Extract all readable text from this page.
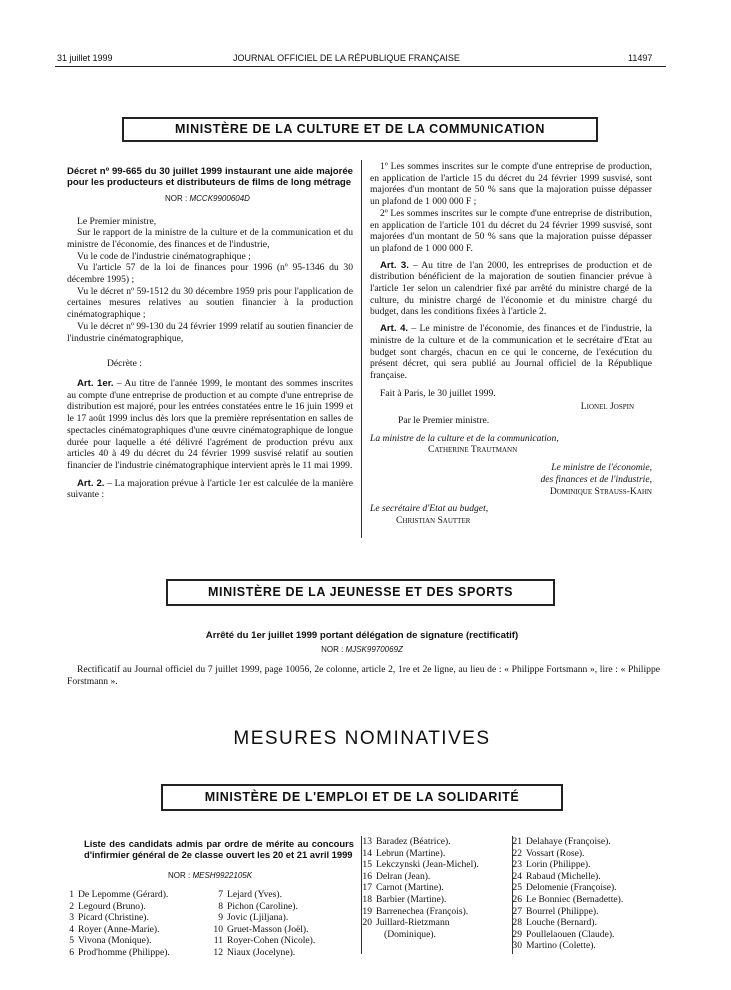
31 juillet 1999	JOURNAL OFFICIEL DE LA RÉPUBLIQUE FRANÇAISE	11497
MINISTÈRE DE LA CULTURE ET DE LA COMMUNICATION

Décret nº 99-665 du 30 juillet 1999 instaurant une aide majorée pour les producteurs et distributeurs de films de long métrage

NOR : MCCK9900604D

Le Premier ministre,

Sur le rapport de la ministre de la culture et de la communication et du ministre de l'économie, des finances et de l'industrie,

Vu le code de l'industrie cinématographique ;

Vu l'article 57 de la loi de finances pour 1996 (nº 95-1346 du 30 décembre 1995) ;

Vu le décret nº 59-1512 du 30 décembre 1959 pris pour l'application de certaines mesures relatives au soutien financier à la production cinématographique ;

Vu le décret nº 99-130 du 24 février 1999 relatif au soutien financier de l'industrie cinématographique,

Décrète :

Art. 1er. – Au titre de l'année 1999, le montant des sommes inscrites au compte d'une entreprise de production et au compte d'une entreprise de distribution est majoré, pour les entrées constatées entre le 16 juin 1999 et le 17 août 1999 inclus dès lors que la première représentation en salles de spectacles cinématographiques d'une œuvre cinématographique de longue durée pour laquelle a été délivré l'agrément de production prévu aux articles 40 à 49 du décret du 24 février 1999 susvisé relatif au soutien financier de l'industrie cinématographique intervient après le 11 mai 1999.

Art. 2. – La majoration prévue à l'article 1er est calculée de la manière suivante :

1º Les sommes inscrites sur le compte d'une entreprise de production, en application de l'article 15 du décret du 24 février 1999 susvisé, sont majorées d'un montant de 50 % sans que la majoration puisse dépasser un plafond de 1 000 000 F ;

2º Les sommes inscrites sur le compte d'une entreprise de distribution, en application de l'article 101 du décret du 24 février 1999 susvisé, sont majorées d'un montant de 50 % sans que la majoration puisse dépasser un plafond de 1 000 000 F.

Art. 3. – Au titre de l'an 2000, les entreprises de production et de distribution bénéficient de la majoration de soutien financier prévue à l'article 1er selon un calendrier fixé par arrêté du ministre chargé de la culture, du ministre chargé de l'économie et du ministre chargé du budget, dans les conditions fixées à l'article 2.

Art. 4. – Le ministre de l'économie, des finances et de l'industrie, la ministre de la culture et de la communication et le secrétaire d'Etat au budget sont chargés, chacun en ce qui le concerne, de l'exécution du présent décret, qui sera publié au Journal officiel de la République française.

Fait à Paris, le 30 juillet 1999.

Lionel Jospin

Par le Premier ministre.

La ministre de la culture et de la communication,

Catherine Trautmann

Le ministre de l'économie,

des finances et de l'industrie,

Dominique Strauss-Kahn

Le secrétaire d'Etat au budget,

Christian Sautter

MINISTÈRE DE LA JEUNESSE ET DES SPORTS
Arrêté du 1er juillet 1999 portant délégation de signature (rectificatif)
NOR : MJSK9970069Z

Rectificatif au Journal officiel du 7 juillet 1999, page 10056, 2e colonne, article 2, 1re et 2e ligne, au lieu de : « Philippe Fortsmann », lire : « Philippe Forstmann ».

MESURES NOMINATIVES
MINISTÈRE DE L'EMPLOI ET DE LA SOLIDARITÉ
Liste des candidats admis par ordre de mérite au concours d'infirmier général de 2e classe ouvert les 20 et 21 avril 1999
NOR : MESH9922105K
1 De Lepomme (Gérard).
2 Legourd (Bruno).
3 Picard (Christine).
4 Royer (Anne-Marie).
5 Vivona (Monique).
6 Prod'homme (Philippe).
7 Lejard (Yves).
8 Pichon (Caroline).
9 Jovic (Ljiljana).
10 Gruet-Masson (Joël).
11 Royer-Cohen (Nicole).
12 Niaux (Jocelyne).
13 Baradez (Béatrice).
14 Lebrun (Martine).
15 Lekczynski (Jean-Michel).
16 Delran (Jean).
17 Carnot (Martine).
18 Barbier (Martine).
19 Barrenechea (François).
20 Juillard-Rietzmann
(Dominique).
21 Delahaye (Françoise).
22 Vossart (Rose).
23 Lorin (Philippe).
24 Rabaud (Michelle).
25 Delomenie (Françoise).
26 Le Bonniec (Bernadette).
27 Bourrel (Philippe).
28 Louche (Bernard).
29 Poullelaouen (Claude).
30 Martino (Colette).
